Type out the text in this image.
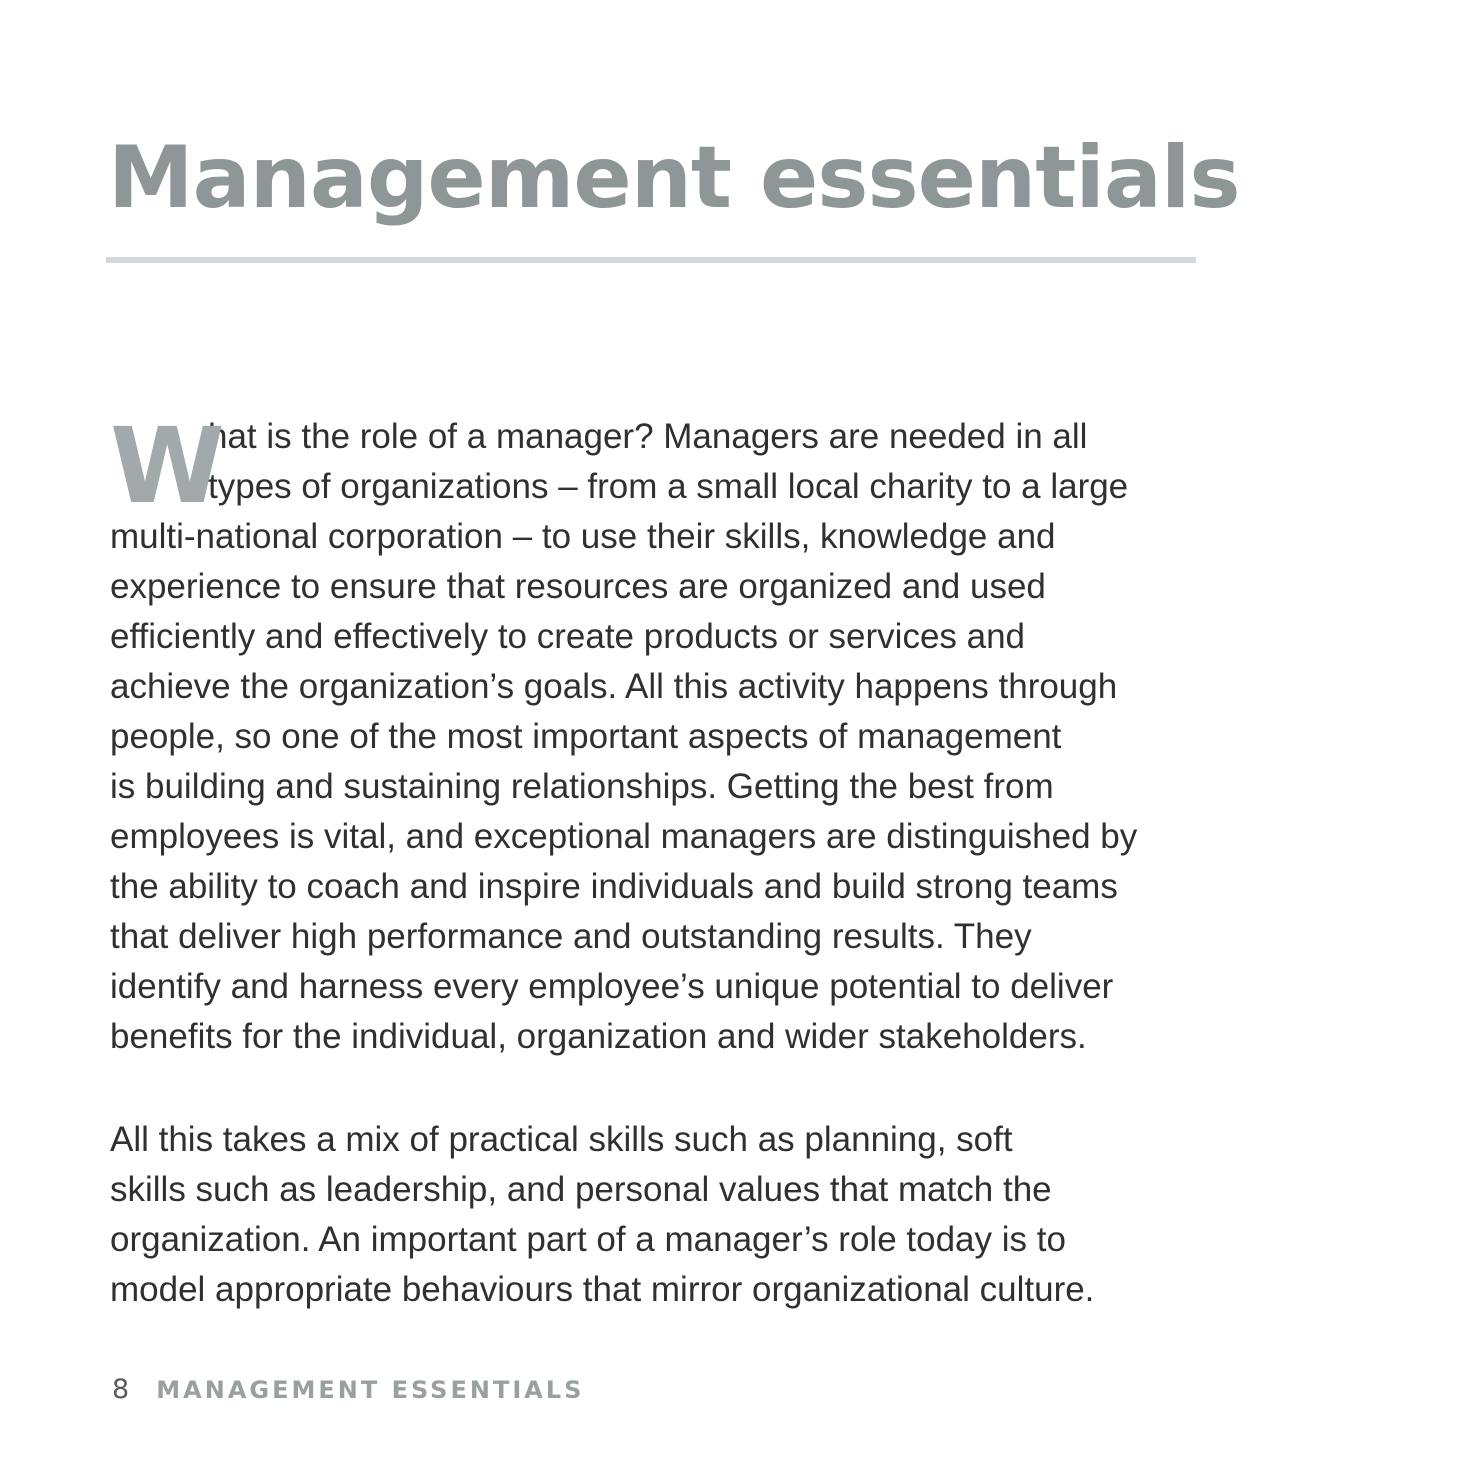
Management essentials
W
hat is the role of a manager? Managers are needed in all
types of organizations – from a small local charity to a large
multi-national corporation – to use their skills, knowledge and
experience to ensure that resources are organized and used
efficiently and effectively to create products or services and
achieve the organization’s goals. All this activity happens through
people, so one of the most important aspects of management
is building and sustaining relationships. Getting the best from
employees is vital, and exceptional managers are distinguished by
the ability to coach and inspire individuals and build strong teams
that deliver high performance and outstanding results. They
identify and harness every employee’s unique potential to deliver
benefits for the individual, organization and wider stakeholders.
All this takes a mix of practical skills such as planning, soft
skills such as leadership, and personal values that match the
organization. An important part of a manager’s role today is to
model appropriate behaviours that mirror organizational culture.
8 MANAGEMENT ESSENTIALS
